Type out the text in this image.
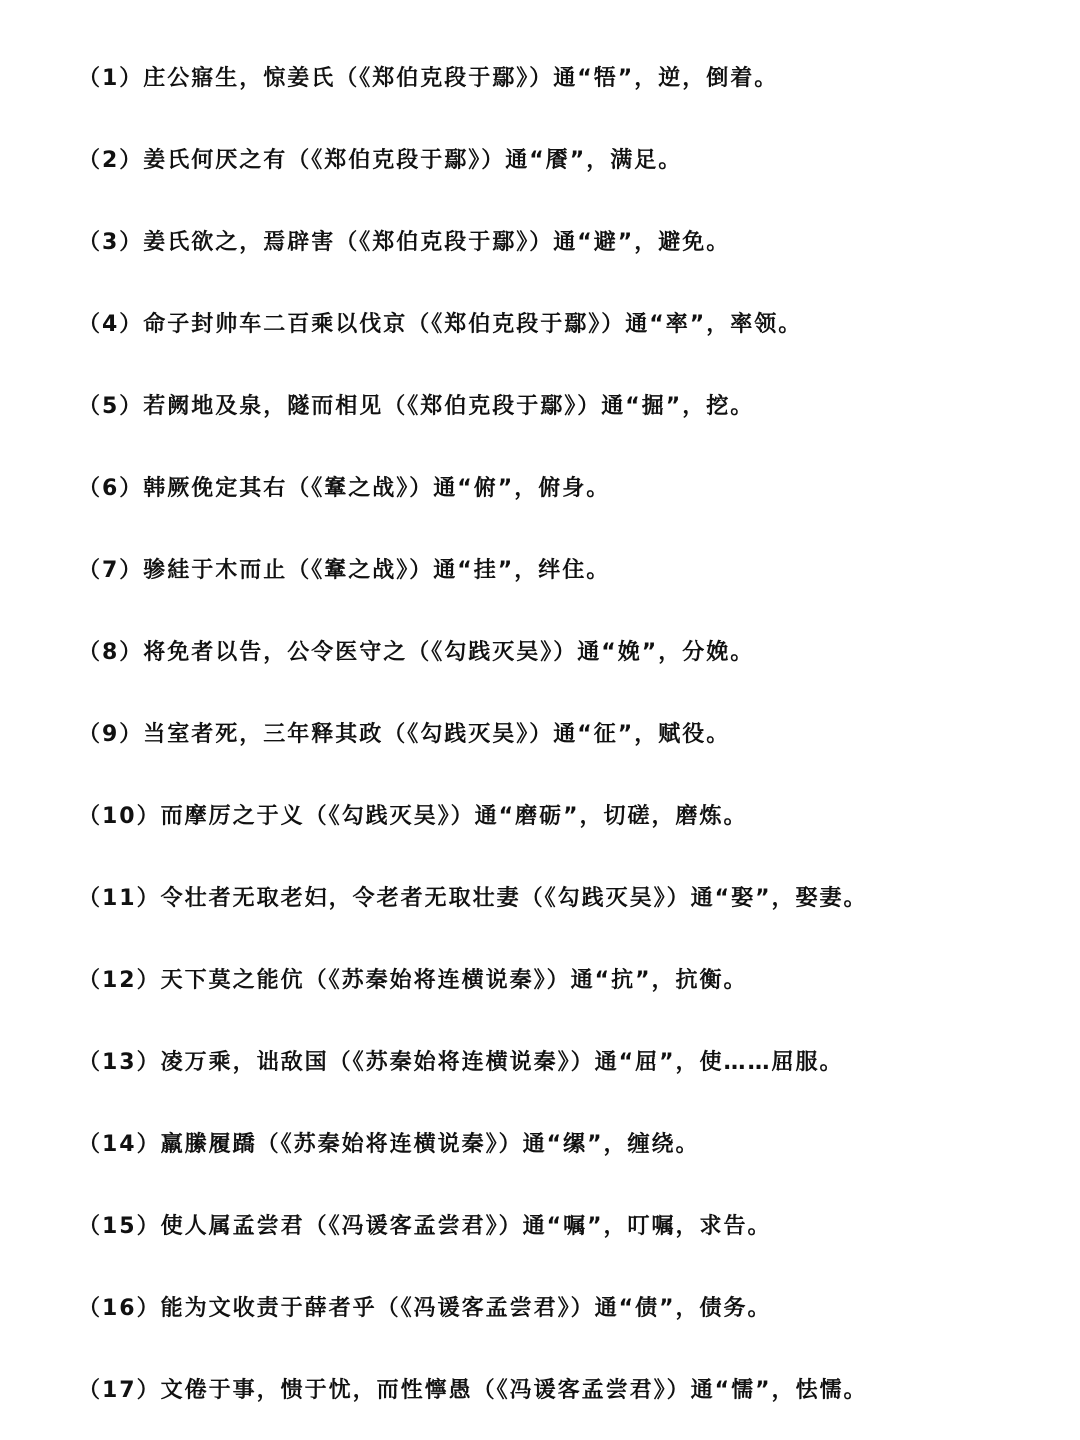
（1）庄公寤生，惊姜氏（《郑伯克段于鄢》）通“牾”，逆，倒着。
（2）姜氏何厌之有（《郑伯克段于鄢》）通“餍”，满足。
（3）姜氏欲之，焉辟害（《郑伯克段于鄢》）通“避”，避免。
（4）命子封帅车二百乘以伐京（《郑伯克段于鄢》）通“率”，率领。
（5）若阙地及泉，隧而相见（《郑伯克段于鄢》）通“掘”，挖。
（6）韩厥俛定其右（《鞌之战》）通“俯”，俯身。
（7）骖絓于木而止（《鞌之战》）通“挂”，绊住。
（8）将免者以告，公令医守之（《勾践灭吴》）通“娩”，分娩。
（9）当室者死，三年释其政（《勾践灭吴》）通“征”，赋役。
（10）而摩厉之于义（《勾践灭吴》）通“磨砺”，切磋，磨炼。
（11）令壮者无取老妇，令老者无取壮妻（《勾践灭吴》）通“娶”，娶妻。
（12）天下莫之能伉（《苏秦始将连横说秦》）通“抗”，抗衡。
（13）凌万乘，诎敌国（《苏秦始将连横说秦》）通“屈”，使……屈服。
（14）羸縢履蹻（《苏秦始将连横说秦》）通“缧”，缠绕。
（15）使人属孟尝君（《冯谖客孟尝君》）通“嘱”，叮嘱，求告。
（16）能为文收责于薛者乎（《冯谖客孟尝君》）通“债”，债务。
（17）文倦于事，愦于忧，而性懧愚（《冯谖客孟尝君》）通“懦”，怯懦。
